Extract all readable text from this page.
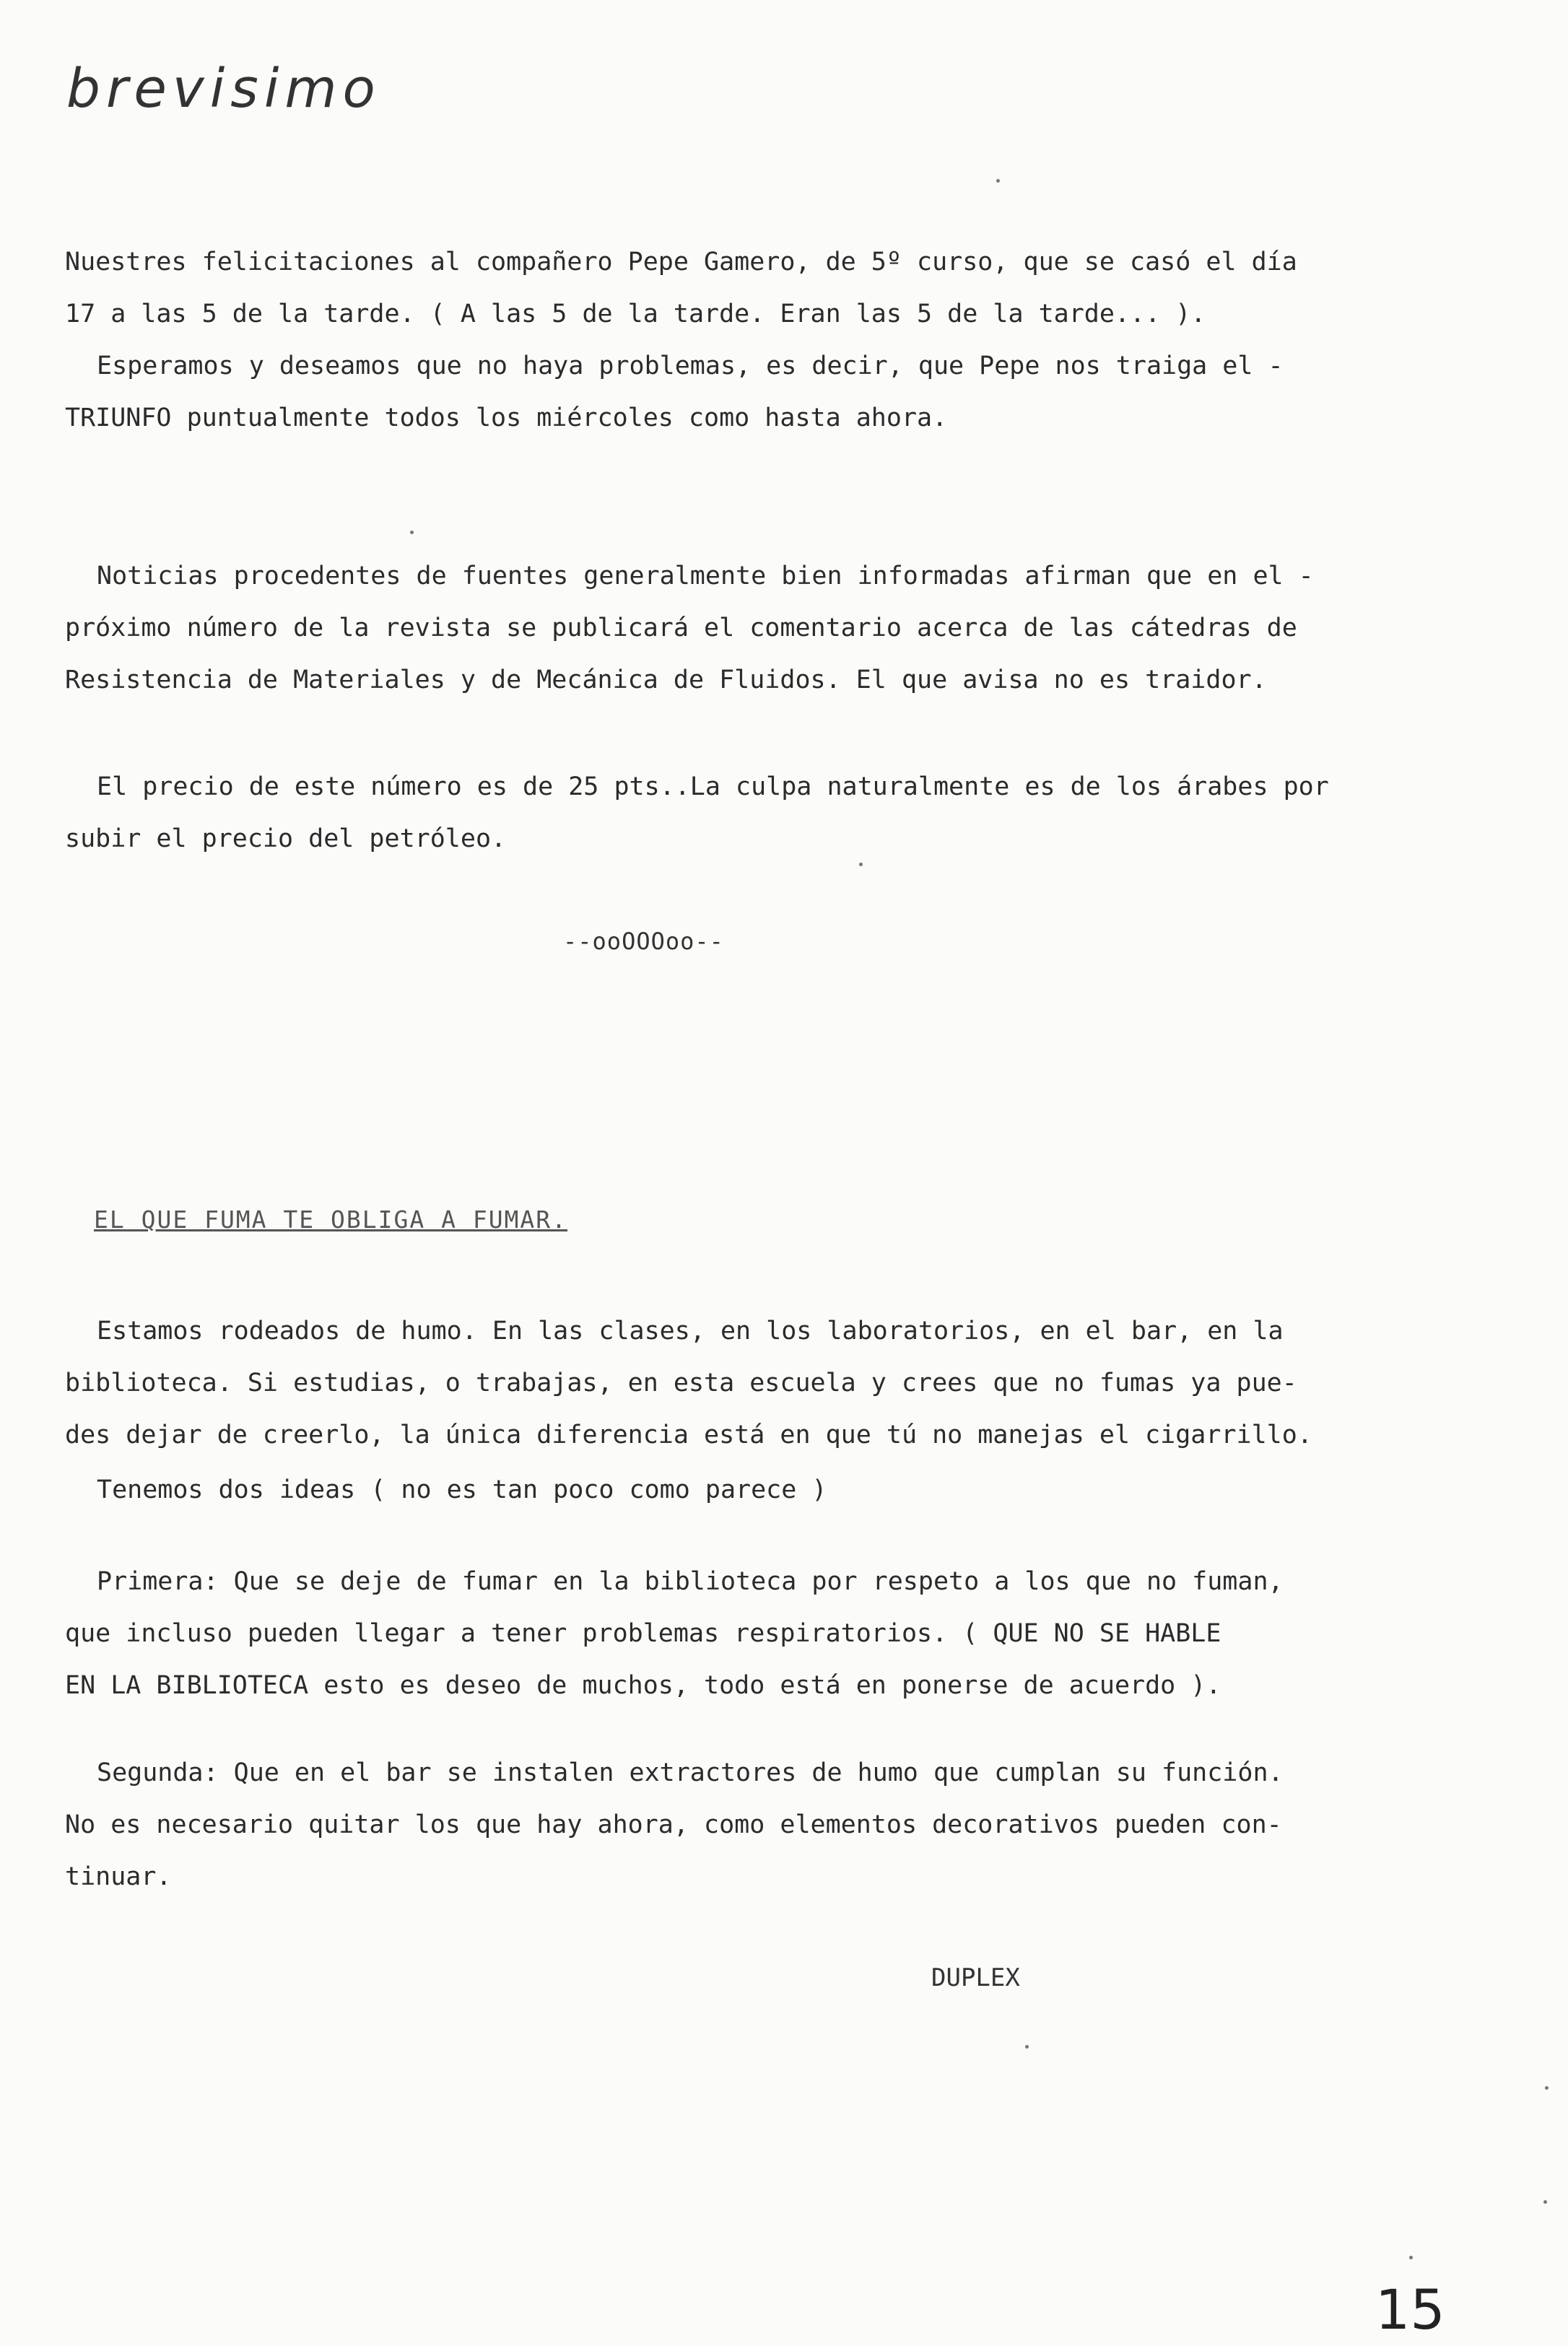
brevisimo

Nuestres felicitaciones al compañero Pepe Gamero, de 5º curso, que se casó el día
17 a las 5 de la tarde. ( A las 5 de la tarde. Eran las 5 de la tarde... ).
Esperamos y deseamos que no haya problemas, es decir, que Pepe nos traiga el -
TRIUNFO puntualmente todos los miércoles como hasta ahora.

Noticias procedentes de fuentes generalmente bien informadas afirman que en el -
próximo número de la revista se publicará el comentario acerca de las cátedras de
Resistencia de Materiales y de Mecánica de Fluidos. El que avisa no es traidor.

El precio de este número es de 25 pts..La culpa naturalmente es de los árabes por
subir el precio del petróleo.

--ooOOOoo--
EL QUE FUMA TE OBLIGA A FUMAR.

Estamos rodeados de humo. En las clases, en los laboratorios, en el bar, en la
biblioteca. Si estudias, o trabajas, en esta escuela y crees que no fumas ya pue-
des dejar de creerlo, la única diferencia está en que tú no manejas el cigarrillo.

Tenemos dos ideas ( no es tan poco como parece )

Primera: Que se deje de fumar en la biblioteca por respeto a los que no fuman,
que incluso pueden llegar a tener problemas respiratorios. ( QUE NO SE HABLE
EN LA BIBLIOTECA esto es deseo de muchos, todo está en ponerse de acuerdo ).

Segunda: Que en el bar se instalen extractores de humo que cumplan su función.
No es necesario quitar los que hay ahora, como elementos decorativos pueden con-
tinuar.

DUPLEX
15
